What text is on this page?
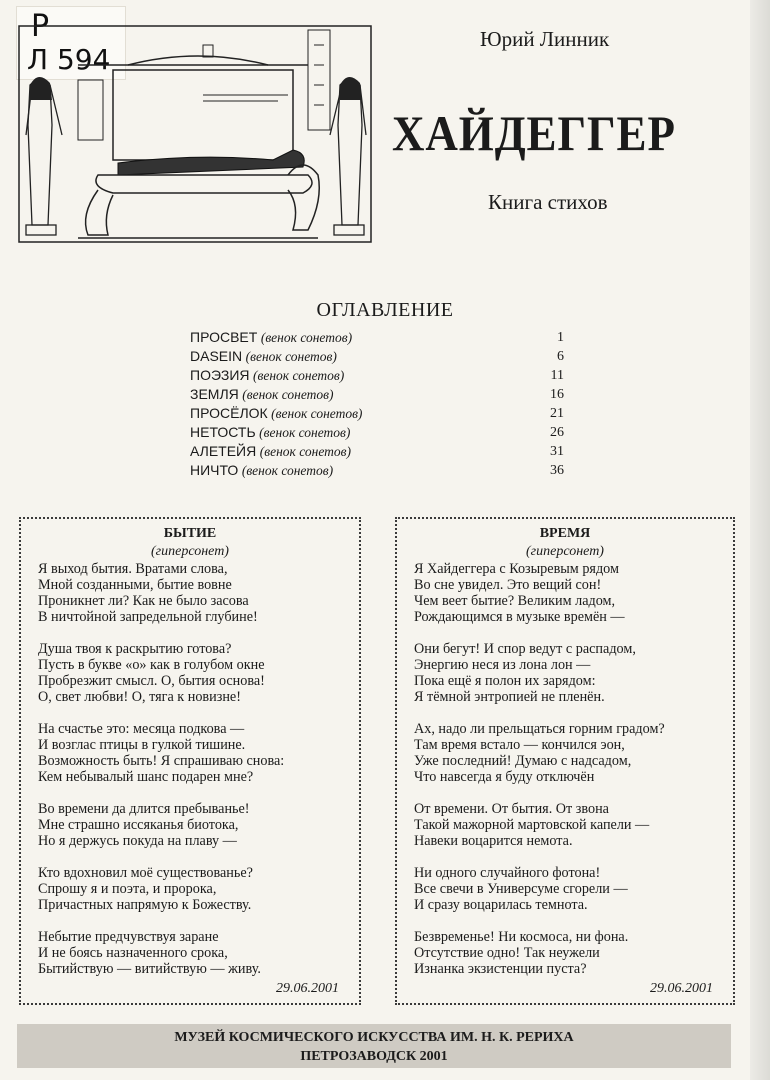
Р
Л 594
Юрий Линник
ХАЙДЕГГЕР
Книга стихов
ОГЛАВЛЕНИЕ
ПРОСВЕТ (венок сонетов)	1
DASEIN (венок сонетов)	6
ПОЭЗИЯ (венок сонетов)	11
ЗЕМЛЯ (венок сонетов)	16
ПРОСЁЛОК (венок сонетов)	21
НЕТОСТЬ (венок сонетов)	26
АЛЕТЕЙЯ (венок сонетов)	31
НИЧТО (венок сонетов)	36
БЫТИЕ
(гиперсонет)
Я выход бытия. Вратами слова,
Мной созданными, бытие вовне
Проникнет ли? Как не было засова
В ничтойной запредельной глубине!
Душа твоя к раскрытию готова?
Пусть в букве «о» как в голубом окне
Пробрезжит смысл. О, бытия основа!
О, свет любви! О, тяга к новизне!
На счастье это: месяца подкова —
И возглас птицы в гулкой тишине.
Возможность быть! Я спрашиваю снова:
Кем небывалый шанс подарен мне?
Во времени да длится пребыванье!
Мне страшно иссяканья биотока,
Но я держусь покуда на плаву —
Кто вдохновил моё существованье?
Спрошу я и поэта, и пророка,
Причастных напрямую к Божеству.
Небытие предчувствуя заране
И не боясь назначенного срока,
Бытийствую — витийствую — живу.
29.06.2001
ВРЕМЯ
(гиперсонет)
Я Хайдеггера с Козыревым рядом
Во сне увидел. Это вещий сон!
Чем веет бытие? Великим ладом,
Рождающимся в музыке времён —
Они бегут! И спор ведут с распадом,
Энергию неся из лона лон —
Пока ещё я полон их зарядом:
Я тёмной энтропией не пленён.
Ах, надо ли прельщаться горним градом?
Там время встало — кончился эон,
Уже последний! Думаю с надсадом,
Что навсегда я буду отключён
От времени. От бытия. От звона
Такой мажорной мартовской капели —
Навеки воцарится немота.
Ни одного случайного фотона!
Все свечи в Универсуме сгорели —
И сразу воцарилась темнота.
Безвременье! Ни космоса, ни фона.
Отсутствие одно! Так неужели
Изнанка экзистенции пуста?
29.06.2001
МУЗЕЙ КОСМИЧЕСКОГО ИСКУССТВА ИМ. Н. К. РЕРИХА
ПЕТРОЗАВОДСК 2001
